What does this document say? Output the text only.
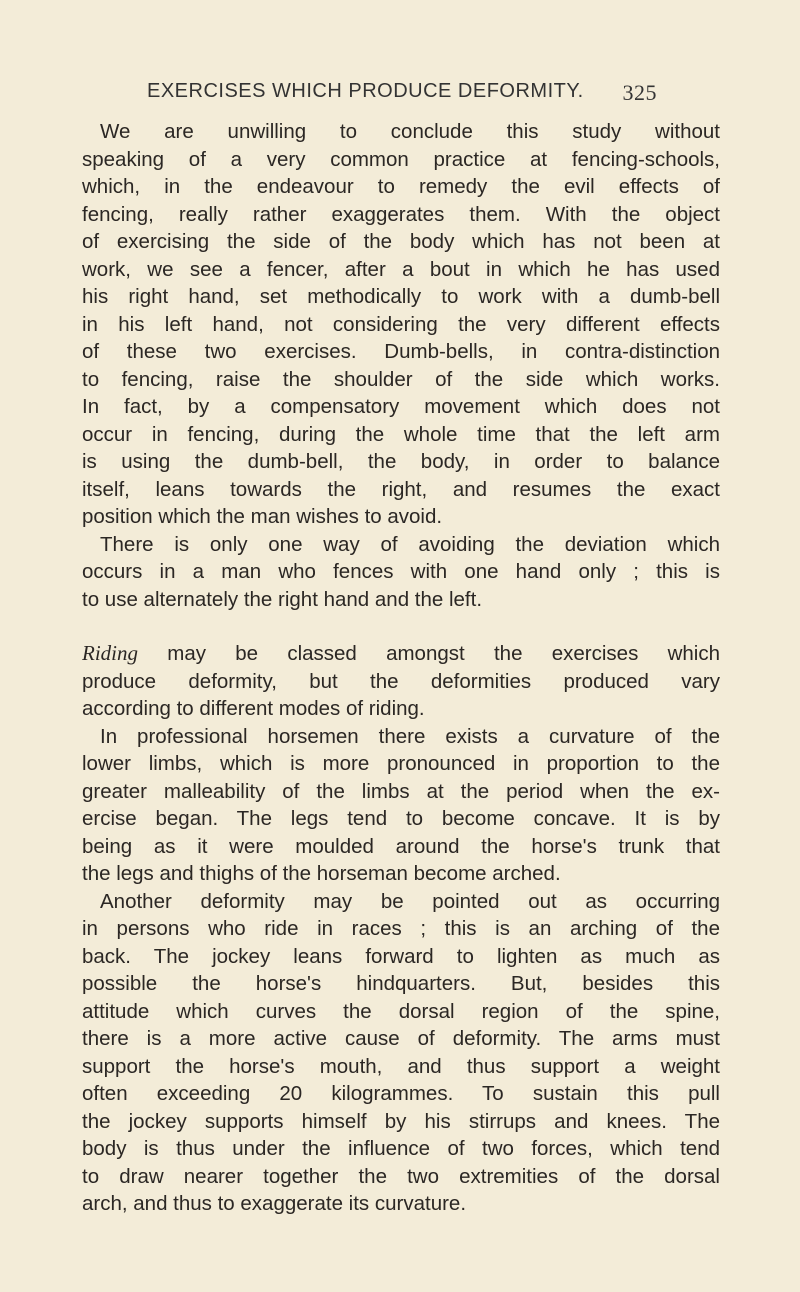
EXERCISES WHICH PRODUCE DEFORMITY. 325
We are unwilling to conclude this study without
speaking of a very common practice at fencing-schools,
which, in the endeavour to remedy the evil effects of
fencing, really rather exaggerates them. With the object
of exercising the side of the body which has not been at
work, we see a fencer, after a bout in which he has used
his right hand, set methodically to work with a dumb-bell
in his left hand, not considering the very different effects
of these two exercises. Dumb-bells, in contra-distinction
to fencing, raise the shoulder of the side which works.
In fact, by a compensatory movement which does not
occur in fencing, during the whole time that the left arm
is using the dumb-bell, the body, in order to balance
itself, leans towards the right, and resumes the exact
position which the man wishes to avoid.
There is only one way of avoiding the deviation which
occurs in a man who fences with one hand only ; this is
to use alternately the right hand and the left.
Riding may be classed amongst the exercises which
produce deformity, but the deformities produced vary
according to different modes of riding.
In professional horsemen there exists a curvature of the
lower limbs, which is more pronounced in proportion to the
greater malleability of the limbs at the period when the ex-
ercise began. The legs tend to become concave. It is by
being as it were moulded around the horse's trunk that
the legs and thighs of the horseman become arched.
Another deformity may be pointed out as occurring
in persons who ride in races ; this is an arching of the
back. The jockey leans forward to lighten as much as
possible the horse's hindquarters. But, besides this
attitude which curves the dorsal region of the spine,
there is a more active cause of deformity. The arms must
support the horse's mouth, and thus support a weight
often exceeding 20 kilogrammes. To sustain this pull
the jockey supports himself by his stirrups and knees. The
body is thus under the influence of two forces, which tend
to draw nearer together the two extremities of the dorsal
arch, and thus to exaggerate its curvature.
